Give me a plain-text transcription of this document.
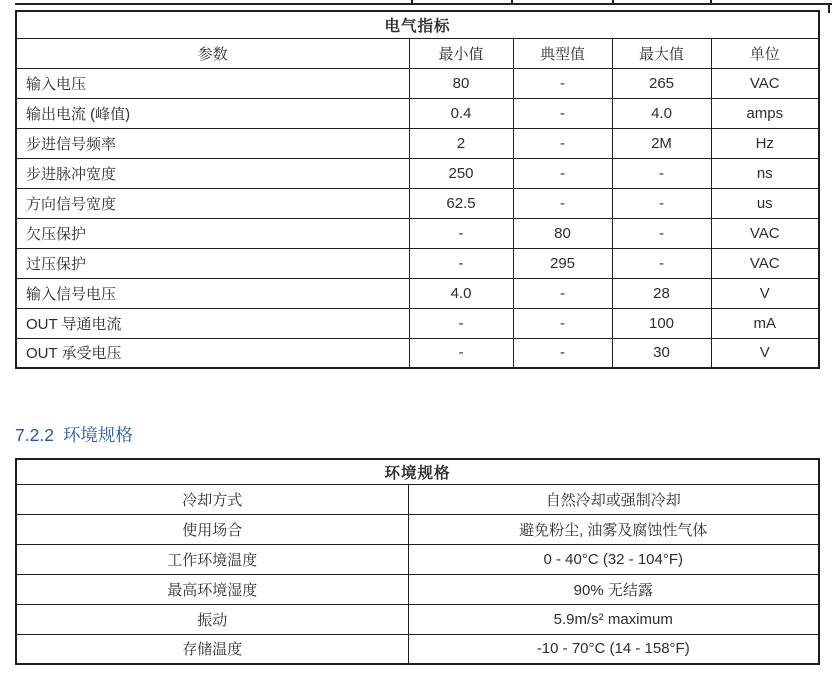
电气指标				
参数	最小值	典型值	最大值	单位
输入电压	80	-	265	VAC
输出电流 (峰值)	0.4	-	4.0	amps
步进信号频率	2	-	2M	Hz
步进脉冲宽度	250	-	-	ns
方向信号宽度	62.5	-	-	us
欠压保护	-	80	-	VAC
过压保护	-	295	-	VAC
输入信号电压	4.0	-	28	V
OUT 导通电流	-	-	100	mA
OUT 承受电压	-	-	30	V
7.2.2 环境规格
环境规格	
冷却方式	自然冷却或强制冷却
使用场合	避免粉尘, 油雾及腐蚀性气体
工作环境温度	0 - 40°C (32 - 104°F)
最高环境湿度	90% 无结露
振动	5.9m/s² maximum
存储温度	-10 - 70°C (14 - 158°F)
